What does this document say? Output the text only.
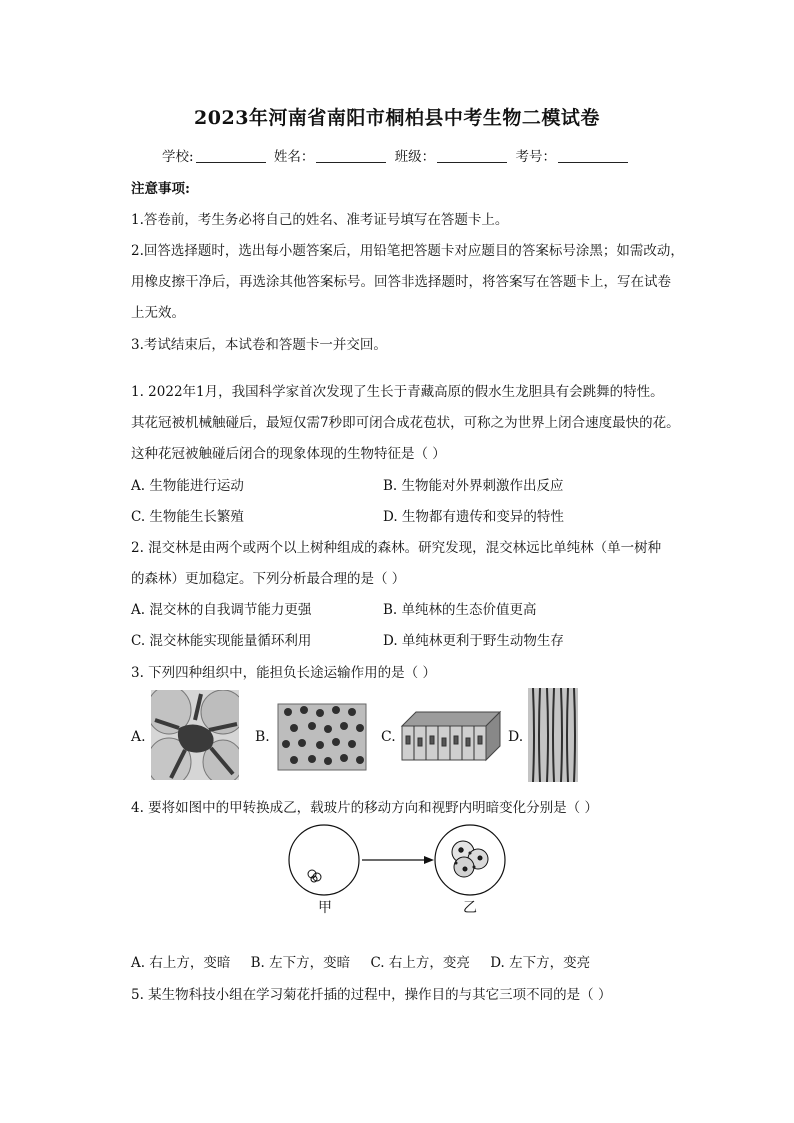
2023年河南省南阳市桐柏县中考生物二模试卷
学校:	姓名：	班级：	考号：
注意事项:
1.答卷前，考生务必将自己的姓名、准考证号填写在答题卡上。
2.回答选择题时，选出每小题答案后，用铅笔把答题卡对应题目的答案标号涂黑；如需改动，
用橡皮擦干净后，再选涂其他答案标号。回答非选择题时，将答案写在答题卡上，写在试卷
上无效。
3.考试结束后，本试卷和答题卡一并交回。
1. 2022年1月，我国科学家首次发现了生长于青藏高原的假水生龙胆具有会跳舞的特性。
其花冠被机械触碰后，最短仅需7秒即可闭合成花苞状，可称之为世界上闭合速度最快的花。
这种花冠被触碰后闭合的现象体现的生物特征是（ ）
A. 生物能进行运动	B. 生物能对外界刺激作出反应
C. 生物能生长繁殖	D. 生物都有遗传和变异的特性
2. 混交林是由两个或两个以上树种组成的森林。研究发现，混交林远比单纯林（单一树种
的森林）更加稳定。下列分析最合理的是（ ）
A. 混交林的自我调节能力更强	B. 单纯林的生态价值更高
C. 混交林能实现能量循环利用	D. 单纯林更利于野生动物生存
3. 下列四种组织中，能担负长途运输作用的是（ ）
A.	B.	C.	D.
4. 要将如图中的甲转换成乙，载玻片的移动方向和视野内明暗变化分别是（ ）
甲	乙
A. 右上方，变暗 B. 左下方，变暗 C. 右上方，变亮 D. 左下方，变亮
5. 某生物科技小组在学习菊花扦插的过程中，操作目的与其它三项不同的是（ ）
